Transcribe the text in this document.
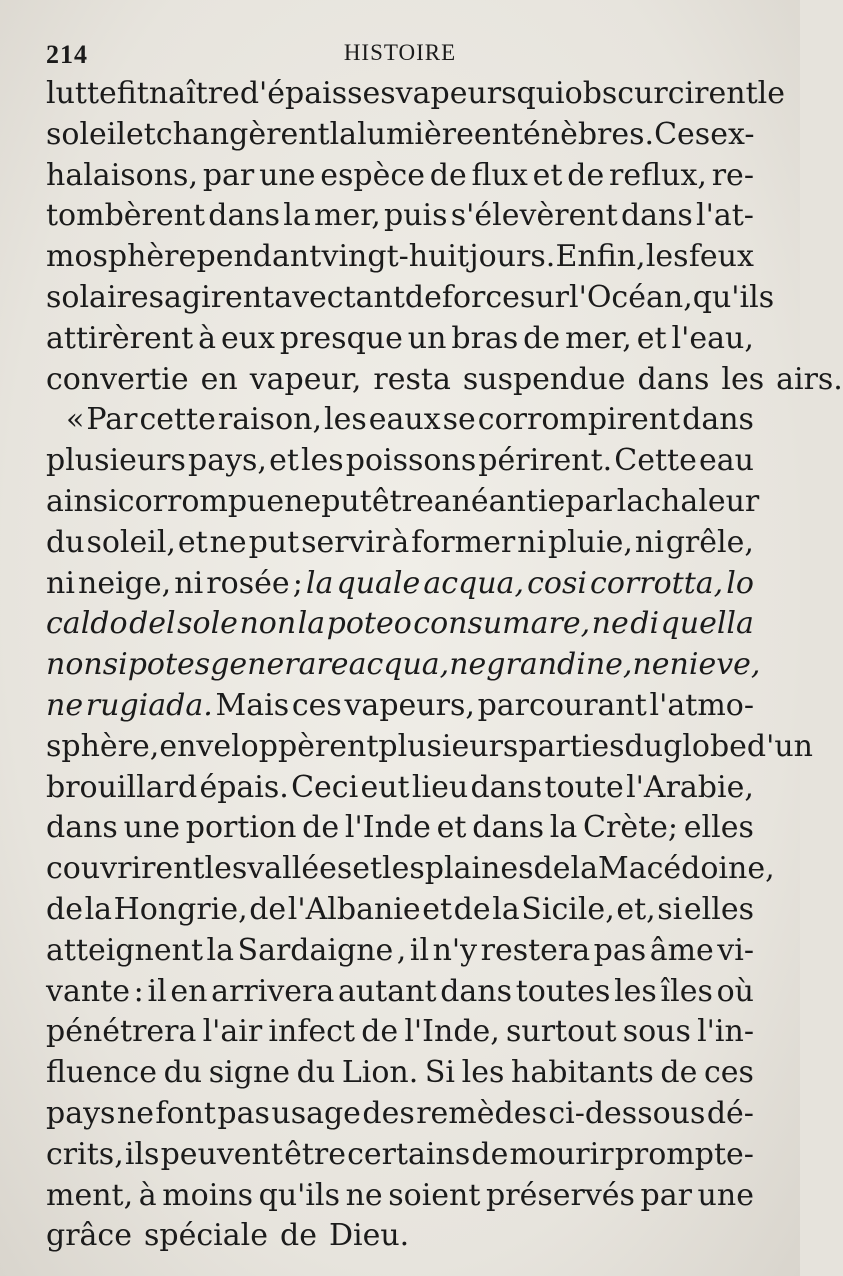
214	HISTOIRE
lutte fit naître d'épaisses vapeurs qui obscurcirent le
soleil et changèrent la lumière en ténèbres. Ces ex-
halaisons, par une espèce de flux et de reflux, re-
tombèrent dans la mer, puis s'élevèrent dans l'at-
mosphère pendant vingt-huit jours. Enfin, les feux
solaires agirent avec tant de force sur l'Océan, qu'ils
attirèrent à eux presque un bras de mer, et l'eau,
convertie en vapeur, resta suspendue dans les airs.
« Par cette raison, les eaux se corrompirent dans
plusieurs pays, et les poissons périrent. Cette eau
ainsi corrompue ne put être anéantie par la chaleur
du soleil, et ne put servir à former ni pluie, ni grêle,
ni neige, ni rosée ; la quale acqua, cosi corrotta, lo
caldo del sole non la poteo consumare, ne di quella
non si potes generare acqua, ne grandine, ne nieve,
ne rugiada. Mais ces vapeurs, parcourant l'atmo-
sphère, enveloppèrent plusieurs parties du globe d'un
brouillard épais. Ceci eut lieu dans toute l'Arabie,
dans une portion de l'Inde et dans la Crète; elles
couvrirent les vallées et les plaines de la Macédoine,
de la Hongrie, de l'Albanie et de la Sicile, et, si elles
atteignent la Sardaigne , il n'y restera pas âme vi-
vante : il en arrivera autant dans toutes les îles où
pénétrera l'air infect de l'Inde, surtout sous l'in-
fluence du signe du Lion. Si les habitants de ces
pays ne font pas usage des remèdes ci-dessous dé-
crits, ils peuvent être certains de mourir prompte-
ment, à moins qu'ils ne soient préservés par une
grâce spéciale de Dieu.
